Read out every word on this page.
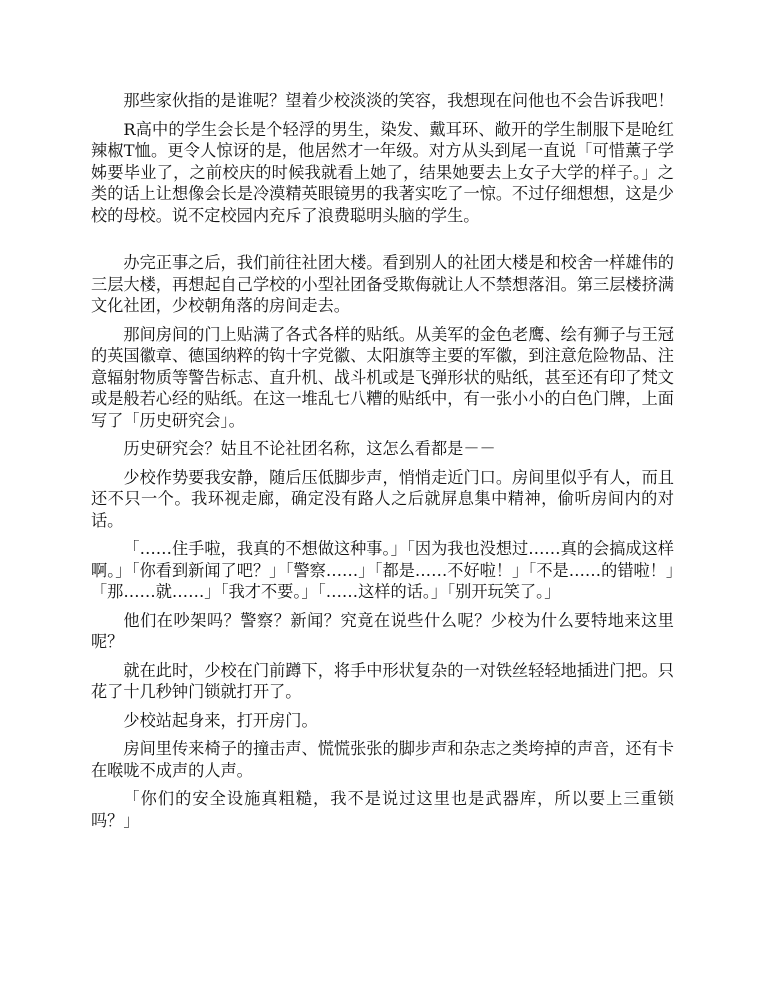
那些家伙指的是谁呢？望着少校淡淡的笑容，我想现在问他也不会告诉我吧！

R高中的学生会长是个轻浮的男生，染发、戴耳环、敞开的学生制服下是呛红辣椒T恤。更令人惊讶的是，他居然才一年级。对方从头到尾一直说「可惜薰子学姊要毕业了，之前校庆的时候我就看上她了，结果她要去上女子大学的样子。」之类的话上让想像会长是冷漠精英眼镜男的我著实吃了一惊。不过仔细想想，这是少校的母校。说不定校园内充斥了浪费聪明头脑的学生。

办完正事之后，我们前往社团大楼。看到别人的社团大楼是和校舍一样雄伟的三层大楼，再想起自己学校的小型社团备受欺侮就让人不禁想落泪。第三层楼挤满文化社团，少校朝角落的房间走去。

那间房间的门上贴满了各式各样的贴纸。从美军的金色老鹰、绘有狮子与王冠的英国徽章、德国纳粹的钩十字党徽、太阳旗等主要的军徽，到注意危险物品、注意辐射物质等警告标志、直升机、战斗机或是飞弹形状的贴纸，甚至还有印了梵文或是般若心经的贴纸。在这一堆乱七八糟的贴纸中，有一张小小的白色门牌，上面写了「历史研究会」。

历史研究会？姑且不论社团名称，这怎么看都是－－

少校作势要我安静，随后压低脚步声，悄悄走近门口。房间里似乎有人，而且还不只一个。我环视走廊，确定没有路人之后就屏息集中精神，偷听房间内的对话。

「……住手啦，我真的不想做这种事。」「因为我也没想过……真的会搞成这样啊。」「你看到新闻了吧？」「警察……」「都是……不好啦！」「不是……的错啦！」「那……就……」「我才不要。」「……这样的话。」「别开玩笑了。」

他们在吵架吗？警察？新闻？究竟在说些什么呢？少校为什么要特地来这里呢？

就在此时，少校在门前蹲下，将手中形状复杂的一对铁丝轻轻地插进门把。只花了十几秒钟门锁就打开了。

少校站起身来，打开房门。

房间里传来椅子的撞击声、慌慌张张的脚步声和杂志之类垮掉的声音，还有卡在喉咙不成声的人声。

「你们的安全设施真粗糙，我不是说过这里也是武器库，所以要上三重锁吗？」
